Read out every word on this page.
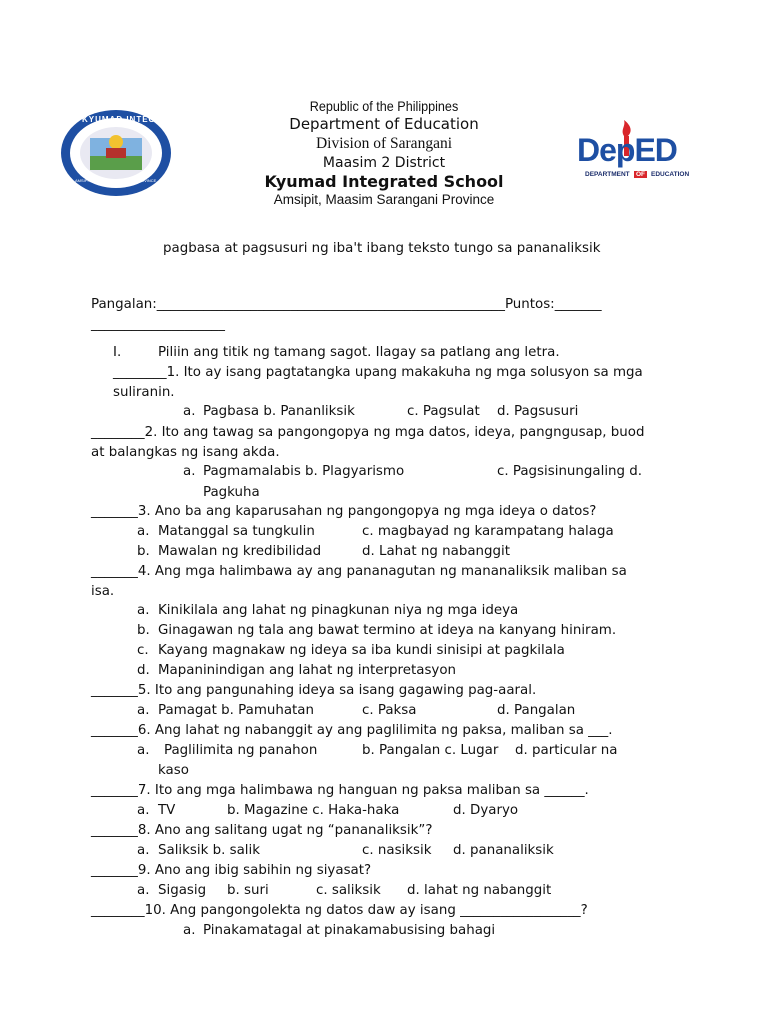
KYUMAD INTEGRATED SCHOOL
AMSIPIT, MAASIM, SARANGANI PROVINCE
DepED
DEPARTMENT OF EDUCATION
Republic of the Philippines
Department of Education
Division of Sarangani
Maasim 2 District
Kyumad Integrated School
Amsipit, Maasim Sarangani Province
pagbasa at pagsusuri ng iba't ibang teksto tungo sa pananaliksik
Pangalan:____________________________________________________Puntos:_______
____________________
I.	Piliin ang titik ng tamang sagot. Ilagay sa patlang ang letra.
________1. Ito ay isang pagtatangka upang makakuha ng mga solusyon sa mga
suliranin.
a. Pagbasa b. Pananliksik	c. Pagsulat d. Pagsusuri
________2. Ito ang tawag sa pangongopya ng mga datos, ideya, pangngusap, buod
at balangkas ng isang akda.
a. Pagmamalabis b. Plagyarismo	c. Pagsisinungaling d.
Pagkuha
_______3. Ano ba ang kaparusahan ng pangongopya ng mga ideya o datos?
a. Matanggal sa tungkulin	c. magbayad ng karampatang halaga
b. Mawalan ng kredibilidad	d. Lahat ng nabanggit
_______4. Ang mga halimbawa ay ang pananagutan ng mananaliksik maliban sa
isa.
a. Kinikilala ang lahat ng pinagkunan niya ng mga ideya
b. Ginagawan ng tala ang bawat termino at ideya na kanyang hiniram.
c. Kayang magnakaw ng ideya sa iba kundi sinisipi at pagkilala
d. Mapaninindigan ang lahat ng interpretasyon
_______5. Ito ang pangunahing ideya sa isang gagawing pag-aaral.
a. Pamagat b. Pamuhatan	c. Paksa	d. Pangalan
_______6. Ang lahat ng nabanggit ay ang paglilimita ng paksa, maliban sa ___.
a. Paglilimita ng panahon	b. Pangalan c. Lugar d. particular na
kaso
_______7. Ito ang mga halimbawa ng hanguan ng paksa maliban sa ______.
a. TV	b. Magazine c. Haka-haka	d. Dyaryo
_______8. Ano ang salitang ugat ng “pananaliksik”?
a. Saliksik b. salik	c. nasiksik d. pananaliksik
_______9. Ano ang ibig sabihin ng siyasat?
a. Sigasig b. suri	c. saliksik d. lahat ng nabanggit
________10. Ang pangongolekta ng datos daw ay isang __________________?
a. Pinakamatagal at pinakamabusising bahagi
